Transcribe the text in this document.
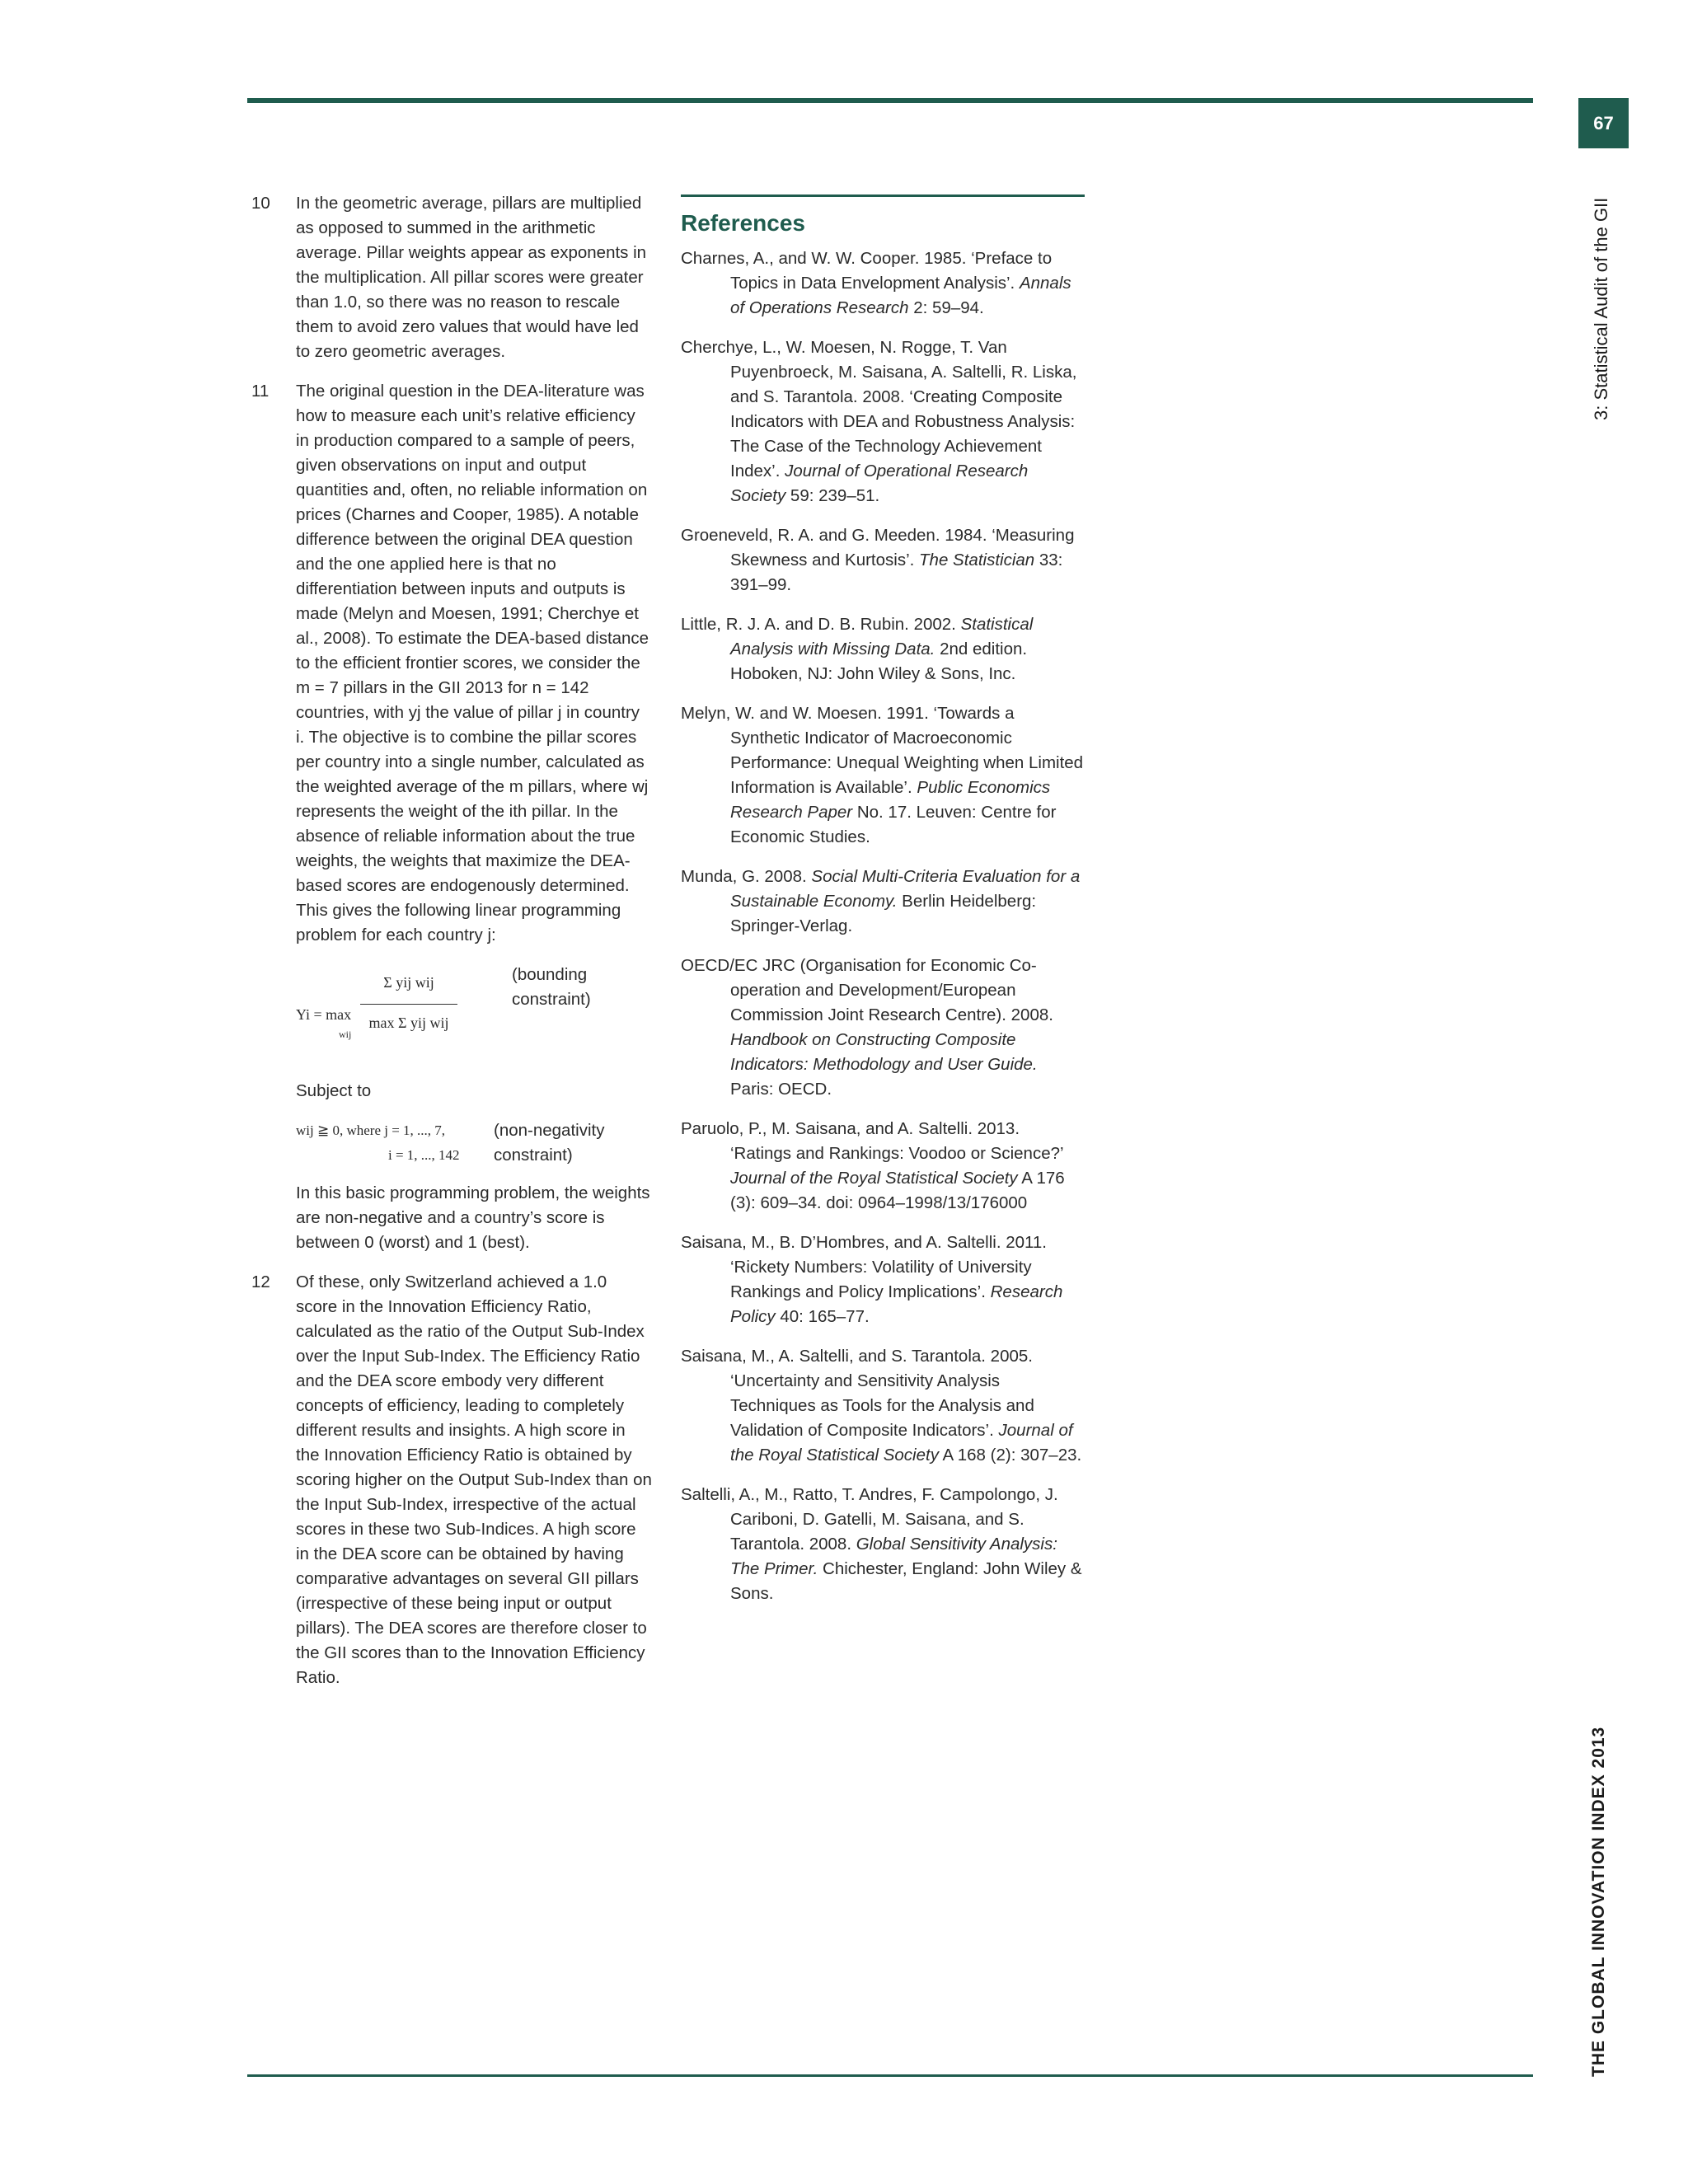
67
3: Statistical Audit of the GII
THE GLOBAL INNOVATION INDEX 2013
10 In the geometric average, pillars are multiplied as opposed to summed in the arithmetic average. Pillar weights appear as exponents in the multiplication. All pillar scores were greater than 1.0, so there was no reason to rescale them to avoid zero values that would have led to zero geometric averages.

11 The original question in the DEA-literature was how to measure each unit’s relative efficiency in production compared to a sample of peers, given observations on input and output quantities and, often, no reliable information on prices (Charnes and Cooper, 1985). A notable difference between the original DEA question and the one applied here is that no differentiation between inputs and outputs is made (Melyn and Moesen, 1991; Cherchye et al., 2008). To estimate the DEA-based distance to the efficient frontier scores, we consider the m = 7 pillars in the GII 2013 for n = 142 countries, with yj the value of pillar j in country i. The objective is to combine the pillar scores per country into a single number, calculated as the weighted average of the m pillars, where wj represents the weight of the ith pillar. In the absence of reliable information about the true weights, the weights that maximize the DEA-based scores are endogenously determined. This gives the following linear programming problem for each country j:

Yi = max
wij
Σ yij wij
max Σ yij wij
(bounding constraint)
Subject to
wij ≧ 0, where j = 1, ..., 7,
i = 1, ..., 142
(non-negativity constraint)

In this basic programming problem, the weights are non-negative and a country’s score is between 0 (worst) and 1 (best).

12 Of these, only Switzerland achieved a 1.0 score in the Innovation Efficiency Ratio, calculated as the ratio of the Output Sub-Index over the Input Sub-Index. The Efficiency Ratio and the DEA score embody very different concepts of efficiency, leading to completely different results and insights. A high score in the Innovation Efficiency Ratio is obtained by scoring higher on the Output Sub-Index than on the Input Sub-Index, irrespective of the actual scores in these two Sub-Indices. A high score in the DEA score can be obtained by having comparative advantages on several GII pillars (irrespective of these being input or output pillars). The DEA scores are therefore closer to the GII scores than to the Innovation Efficiency Ratio.

References
Charnes, A., and W. W. Cooper. 1985. ‘Preface to Topics in Data Envelopment Analysis’. Annals of Operations Research 2: 59–94.
Cherchye, L., W. Moesen, N. Rogge, T. Van Puyenbroeck, M. Saisana, A. Saltelli, R. Liska, and S. Tarantola. 2008. ‘Creating Composite Indicators with DEA and Robustness Analysis: The Case of the Technology Achievement Index’. Journal of Operational Research Society 59: 239–51.
Groeneveld, R. A. and G. Meeden. 1984. ‘Measuring Skewness and Kurtosis’. The Statistician 33: 391–99.
Little, R. J. A. and D. B. Rubin. 2002. Statistical Analysis with Missing Data. 2nd edition. Hoboken, NJ: John Wiley & Sons, Inc.
Melyn, W. and W. Moesen. 1991. ‘Towards a Synthetic Indicator of Macroeconomic Performance: Unequal Weighting when Limited Information is Available’. Public Economics Research Paper No. 17. Leuven: Centre for Economic Studies.
Munda, G. 2008. Social Multi-Criteria Evaluation for a Sustainable Economy. Berlin Heidelberg: Springer-Verlag.
OECD/EC JRC (Organisation for Economic Co-operation and Development/European Commission Joint Research Centre). 2008. Handbook on Constructing Composite Indicators: Methodology and User Guide. Paris: OECD.
Paruolo, P., M. Saisana, and A. Saltelli. 2013. ‘Ratings and Rankings: Voodoo or Science?’ Journal of the Royal Statistical Society A 176 (3): 609–34. doi: 0964–1998/13/176000
Saisana, M., B. D’Hombres, and A. Saltelli. 2011. ‘Rickety Numbers: Volatility of University Rankings and Policy Implications’. Research Policy 40: 165–77.
Saisana, M., A. Saltelli, and S. Tarantola. 2005. ‘Uncertainty and Sensitivity Analysis Techniques as Tools for the Analysis and Validation of Composite Indicators’. Journal of the Royal Statistical Society A 168 (2): 307–23.
Saltelli, A., M., Ratto, T. Andres, F. Campolongo, J. Cariboni, D. Gatelli, M. Saisana, and S. Tarantola. 2008. Global Sensitivity Analysis: The Primer. Chichester, England: John Wiley & Sons.
